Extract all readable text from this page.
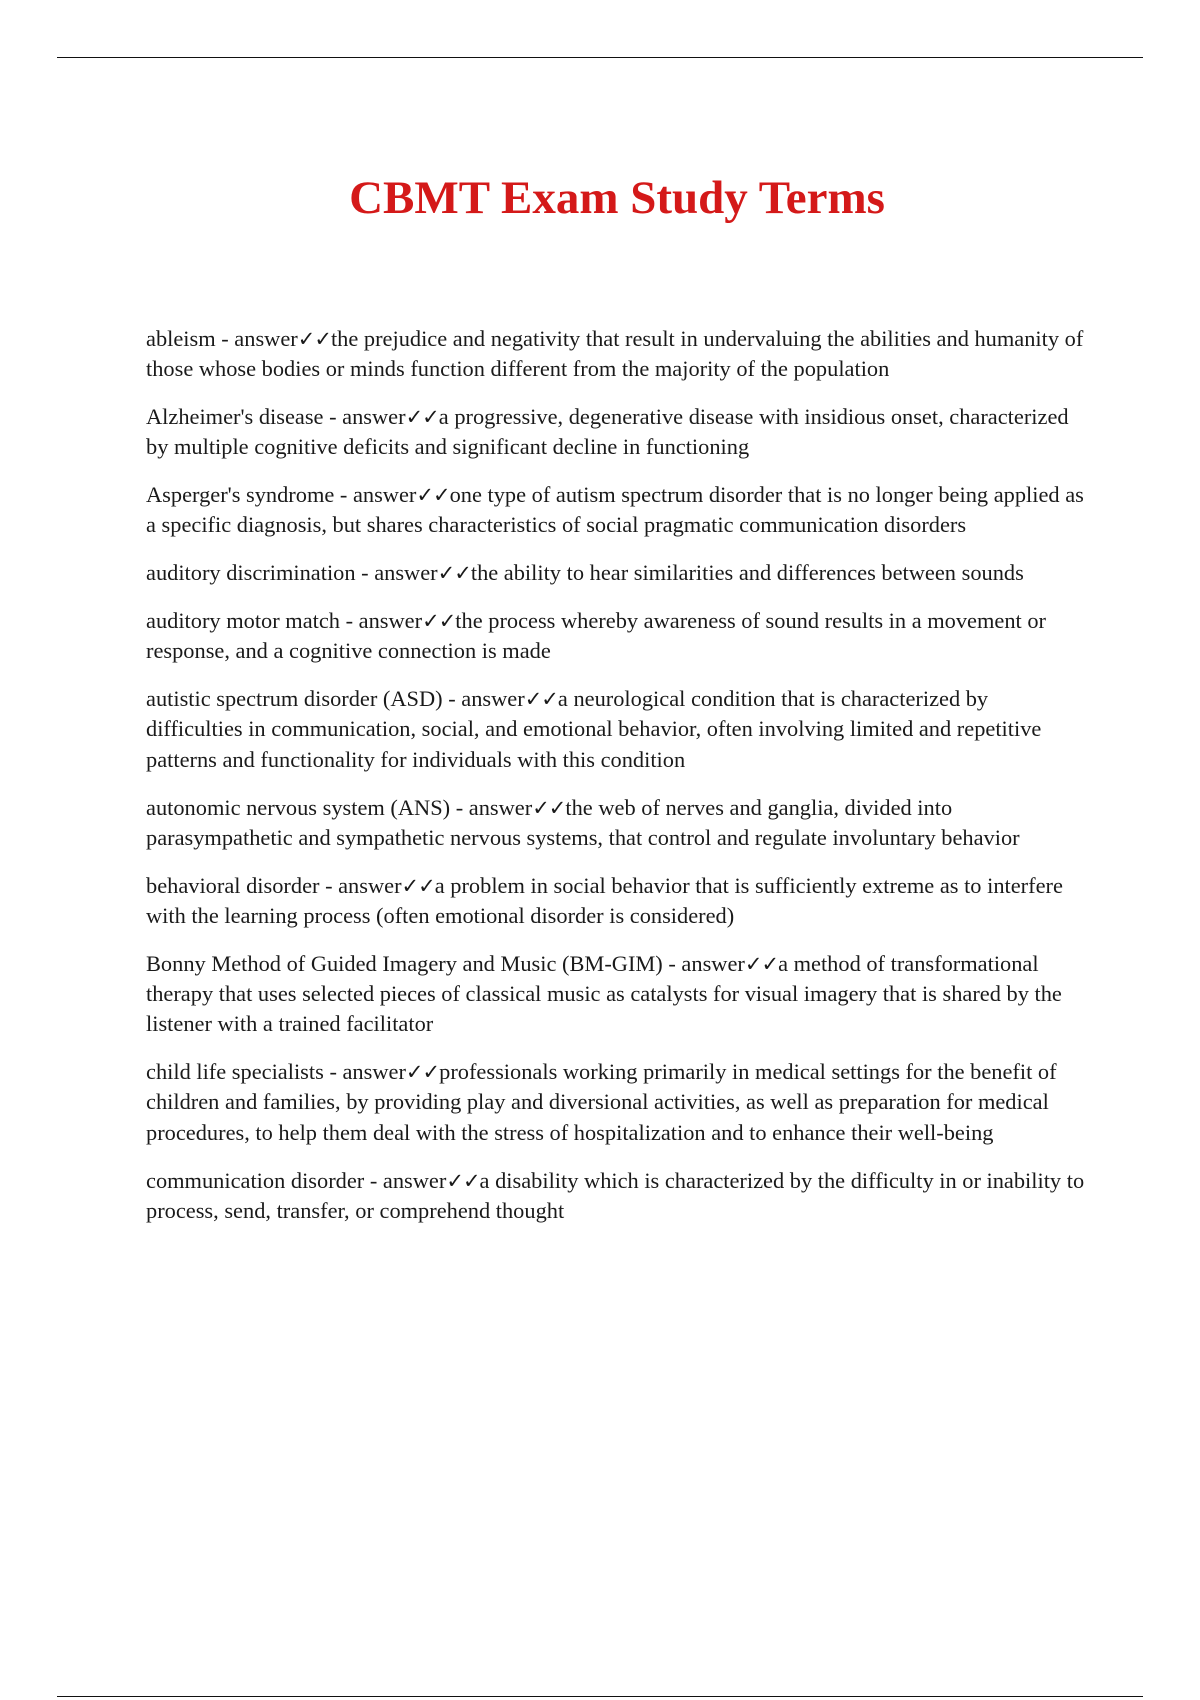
CBMT Exam Study Terms

ableism - answer✓✓the prejudice and negativity that result in undervaluing the abilities and humanity of those whose bodies or minds function different from the majority of the population

Alzheimer's disease - answer✓✓a progressive, degenerative disease with insidious onset, characterized by multiple cognitive deficits and significant decline in functioning

Asperger's syndrome - answer✓✓one type of autism spectrum disorder that is no longer being applied as a specific diagnosis, but shares characteristics of social pragmatic communication disorders

auditory discrimination - answer✓✓the ability to hear similarities and differences between sounds

auditory motor match - answer✓✓the process whereby awareness of sound results in a movement or response, and a cognitive connection is made

autistic spectrum disorder (ASD) - answer✓✓a neurological condition that is characterized by difficulties in communication, social, and emotional behavior, often involving limited and repetitive patterns and functionality for individuals with this condition

autonomic nervous system (ANS) - answer✓✓the web of nerves and ganglia, divided into parasympathetic and sympathetic nervous systems, that control and regulate involuntary behavior

behavioral disorder - answer✓✓a problem in social behavior that is sufficiently extreme as to interfere with the learning process (often emotional disorder is considered)

Bonny Method of Guided Imagery and Music (BM-GIM) - answer✓✓a method of transformational therapy that uses selected pieces of classical music as catalysts for visual imagery that is shared by the listener with a trained facilitator

child life specialists - answer✓✓professionals working primarily in medical settings for the benefit of children and families, by providing play and diversional activities, as well as preparation for medical procedures, to help them deal with the stress of hospitalization and to enhance their well-being

communication disorder - answer✓✓a disability which is characterized by the difficulty in or inability to process, send, transfer, or comprehend thought
